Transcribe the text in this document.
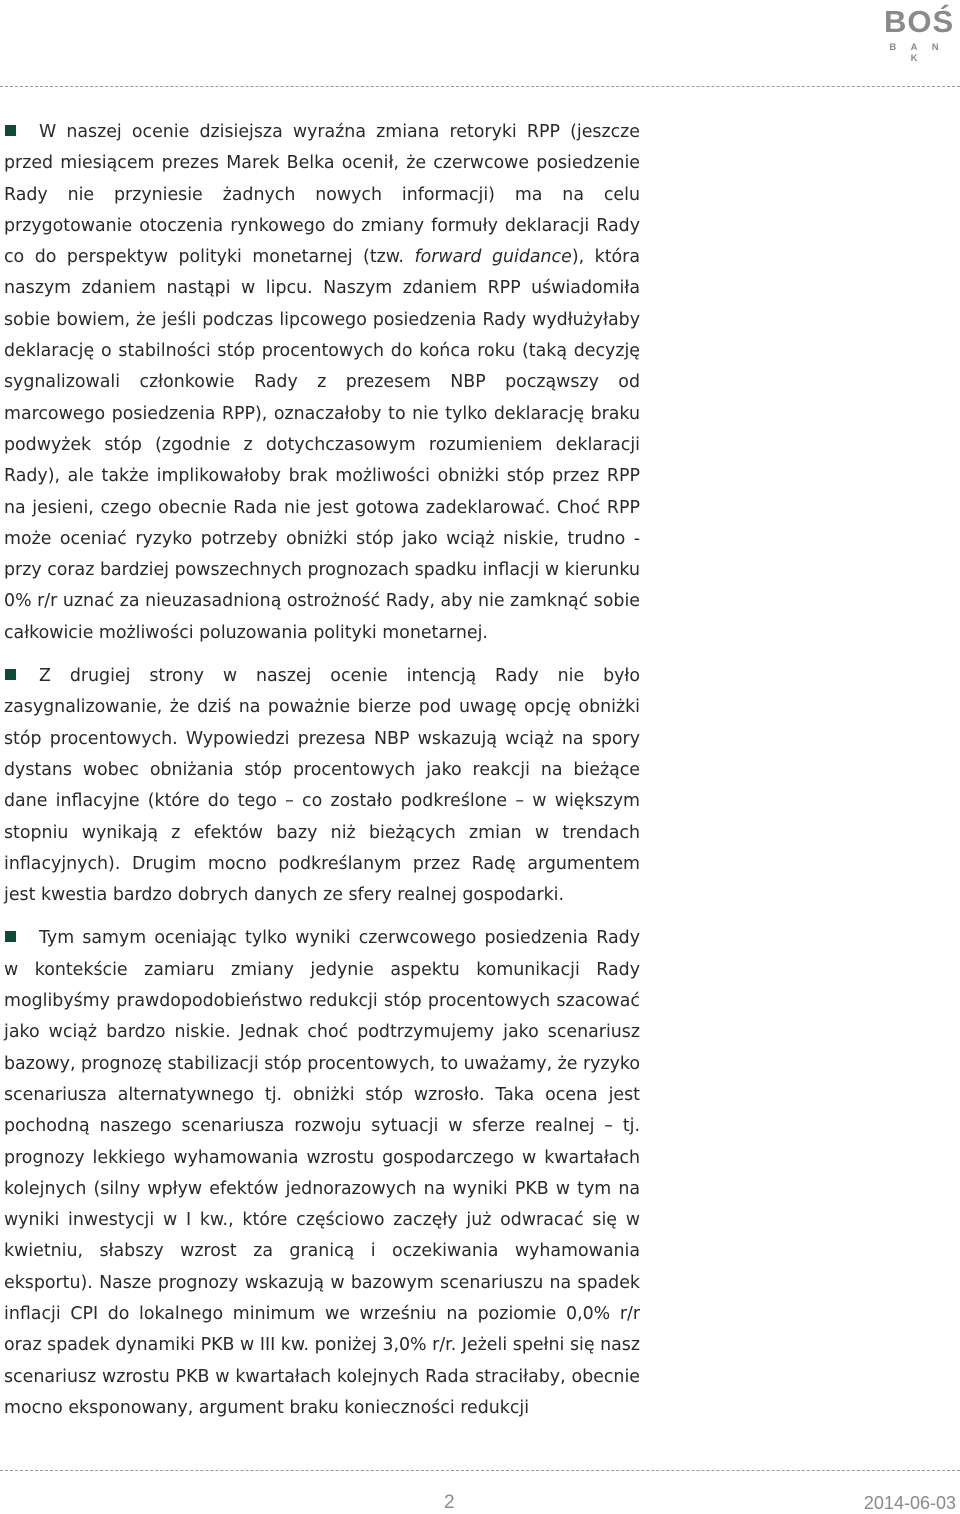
BOŚ
B A N K

W naszej ocenie dzisiejsza wyraźna zmiana retoryki RPP (jeszcze przed miesiącem prezes Marek Belka ocenił, że czerwcowe posiedzenie Rady nie przyniesie żadnych nowych informacji) ma na celu przygotowanie otoczenia rynkowego do zmiany formuły deklaracji Rady co do perspektyw polityki monetarnej (tzw. forward guidance), która naszym zdaniem nastąpi w lipcu. Naszym zdaniem RPP uświadomiła sobie bowiem, że jeśli podczas lipcowego posiedzenia Rady wydłużyłaby deklarację o stabilności stóp procentowych do końca roku (taką decyzję sygnalizowali członkowie Rady z prezesem NBP począwszy od marcowego posiedzenia RPP), oznaczałoby to nie tylko deklarację braku podwyżek stóp (zgodnie z dotychczasowym rozumieniem deklaracji Rady), ale także implikowałoby brak możliwości obniżki stóp przez RPP na jesieni, czego obecnie Rada nie jest gotowa zadeklarować. Choć RPP może oceniać ryzyko potrzeby obniżki stóp jako wciąż niskie, trudno - przy coraz bardziej powszechnych prognozach spadku inflacji w kierunku 0% r/r uznać za nieuzasadnioną ostrożność Rady, aby nie zamknąć sobie całkowicie możliwości poluzowania polityki monetarnej.

Z drugiej strony w naszej ocenie intencją Rady nie było zasygnalizowanie, że dziś na poważnie bierze pod uwagę opcję obniżki stóp procentowych. Wypowiedzi prezesa NBP wskazują wciąż na spory dystans wobec obniżania stóp procentowych jako reakcji na bieżące dane inflacyjne (które do tego – co zostało podkreślone – w większym stopniu wynikają z efektów bazy niż bieżących zmian w trendach inflacyjnych). Drugim mocno podkreślanym przez Radę argumentem jest kwestia bardzo dobrych danych ze sfery realnej gospodarki.

Tym samym oceniając tylko wyniki czerwcowego posiedzenia Rady w kontekście zamiaru zmiany jedynie aspektu komunikacji Rady moglibyśmy prawdopodobieństwo redukcji stóp procentowych szacować jako wciąż bardzo niskie. Jednak choć podtrzymujemy jako scenariusz bazowy, prognozę stabilizacji stóp procentowych, to uważamy, że ryzyko scenariusza alternatywnego tj. obniżki stóp wzrosło. Taka ocena jest pochodną naszego scenariusza rozwoju sytuacji w sferze realnej – tj. prognozy lekkiego wyhamowania wzrostu gospodarczego w kwartałach kolejnych (silny wpływ efektów jednorazowych na wyniki PKB w tym na wyniki inwestycji w I kw., które częściowo zaczęły już odwracać się w kwietniu, słabszy wzrost za granicą i oczekiwania wyhamowania eksportu). Nasze prognozy wskazują w bazowym scenariuszu na spadek inflacji CPI do lokalnego minimum we wrześniu na poziomie 0,0% r/r oraz spadek dynamiki PKB w III kw. poniżej 3,0% r/r. Jeżeli spełni się nasz scenariusz wzrostu PKB w kwartałach kolejnych Rada straciłaby, obecnie mocno eksponowany, argument braku konieczności redukcji

2	2014-06-03
